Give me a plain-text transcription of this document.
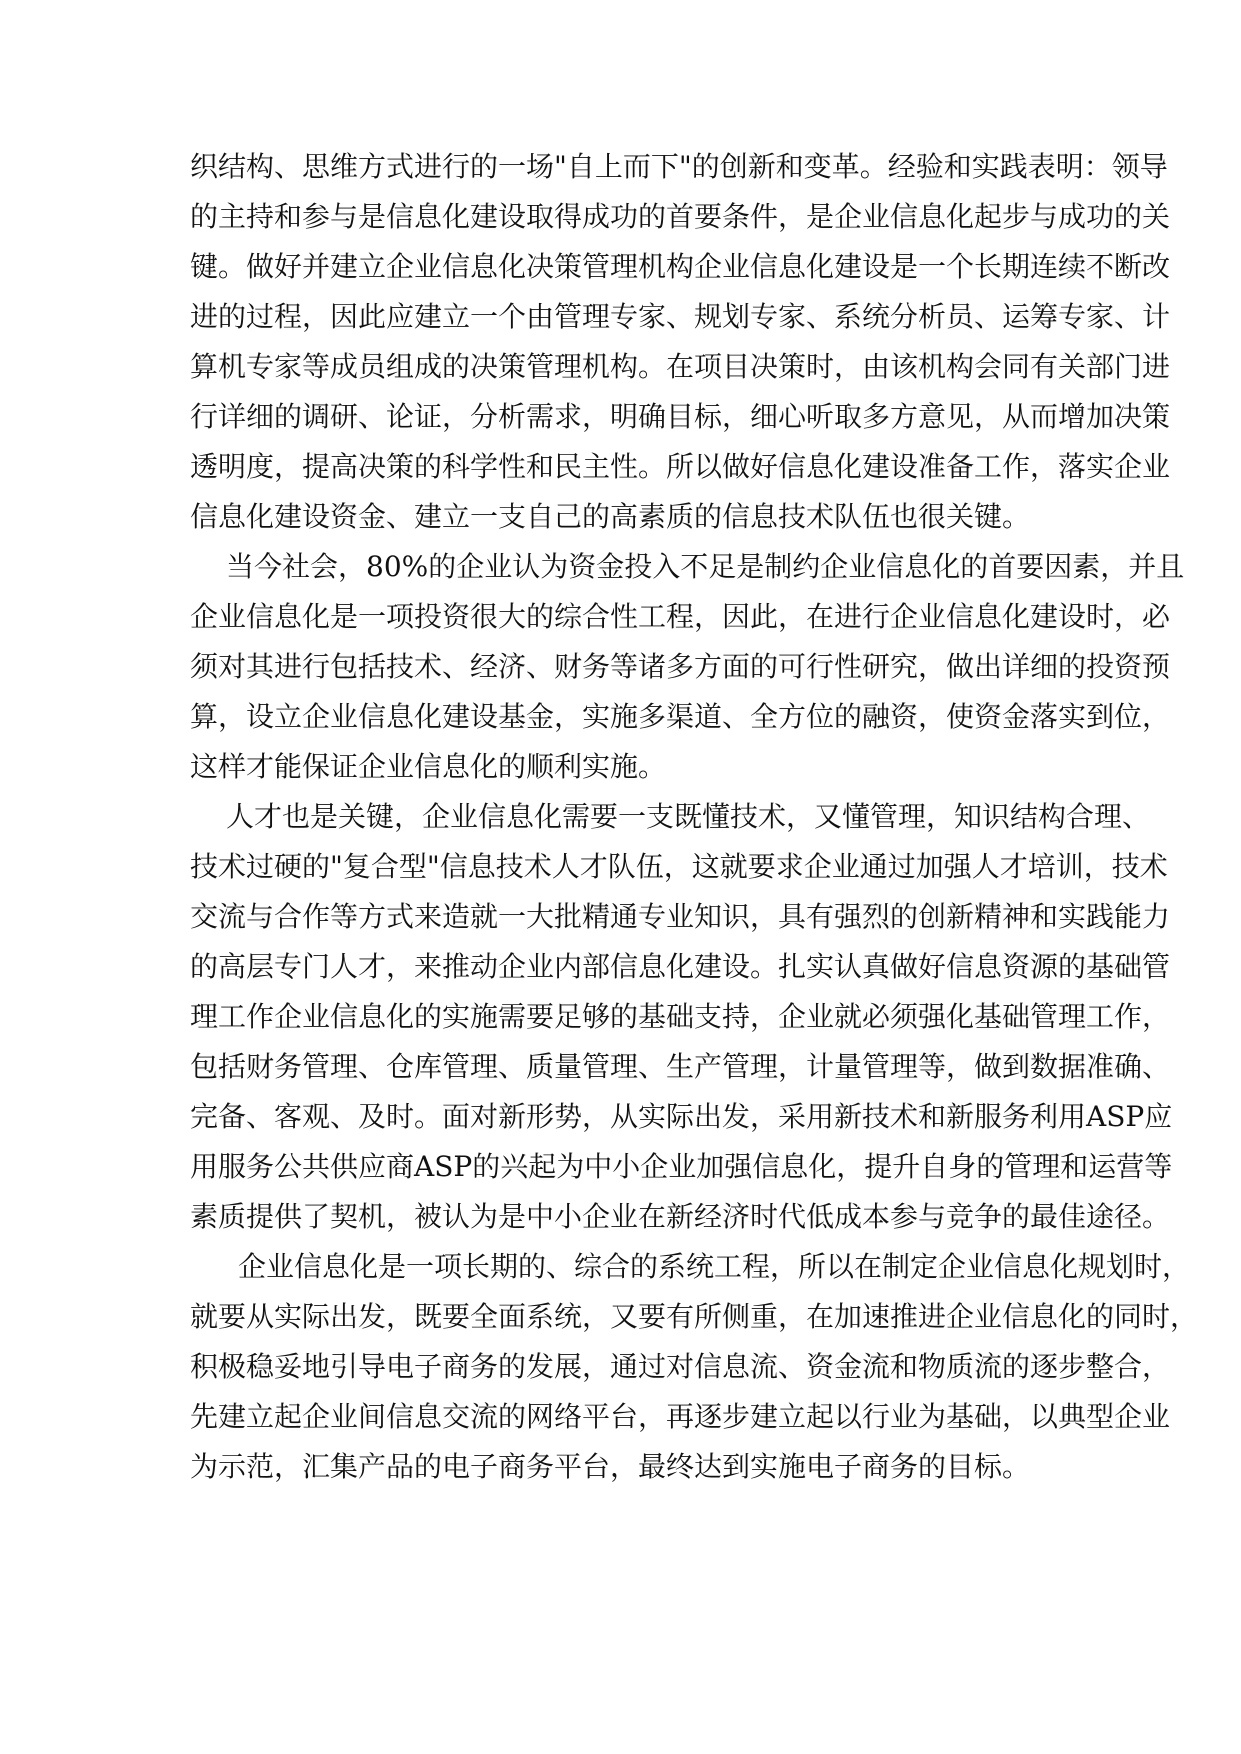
织结构、思维方式进行的一场"自上而下"的创新和变革。经验和实践表明：领导
的主持和参与是信息化建设取得成功的首要条件，是企业信息化起步与成功的关
键。做好并建立企业信息化决策管理机构企业信息化建设是一个长期连续不断改
进的过程，因此应建立一个由管理专家、规划专家、系统分析员、运筹专家、计
算机专家等成员组成的决策管理机构。在项目决策时，由该机构会同有关部门进
行详细的调研、论证，分析需求，明确目标，细心听取多方意见，从而增加决策
透明度，提高决策的科学性和民主性。所以做好信息化建设准备工作，落实企业
信息化建设资金、建立一支自己的高素质的信息技术队伍也很关键。
当今社会，80%的企业认为资金投入不足是制约企业信息化的首要因素，并且
企业信息化是一项投资很大的综合性工程，因此，在进行企业信息化建设时，必
须对其进行包括技术、经济、财务等诸多方面的可行性研究，做出详细的投资预
算，设立企业信息化建设基金，实施多渠道、全方位的融资，使资金落实到位，
这样才能保证企业信息化的顺利实施。
人才也是关键，企业信息化需要一支既懂技术，又懂管理，知识结构合理、
技术过硬的"复合型"信息技术人才队伍，这就要求企业通过加强人才培训，技术
交流与合作等方式来造就一大批精通专业知识，具有强烈的创新精神和实践能力
的高层专门人才，来推动企业内部信息化建设。扎实认真做好信息资源的基础管
理工作企业信息化的实施需要足够的基础支持，企业就必须强化基础管理工作，
包括财务管理、仓库管理、质量管理、生产管理，计量管理等，做到数据准确、
完备、客观、及时。面对新形势，从实际出发，采用新技术和新服务利用ASP应
用服务公共供应商ASP的兴起为中小企业加强信息化，提升自身的管理和运营等
素质提供了契机，被认为是中小企业在新经济时代低成本参与竞争的最佳途径。
企业信息化是一项长期的、综合的系统工程，所以在制定企业信息化规划时，
就要从实际出发，既要全面系统，又要有所侧重，在加速推进企业信息化的同时，
积极稳妥地引导电子商务的发展，通过对信息流、资金流和物质流的逐步整合，
先建立起企业间信息交流的网络平台，再逐步建立起以行业为基础，以典型企业
为示范，汇集产品的电子商务平台，最终达到实施电子商务的目标。
